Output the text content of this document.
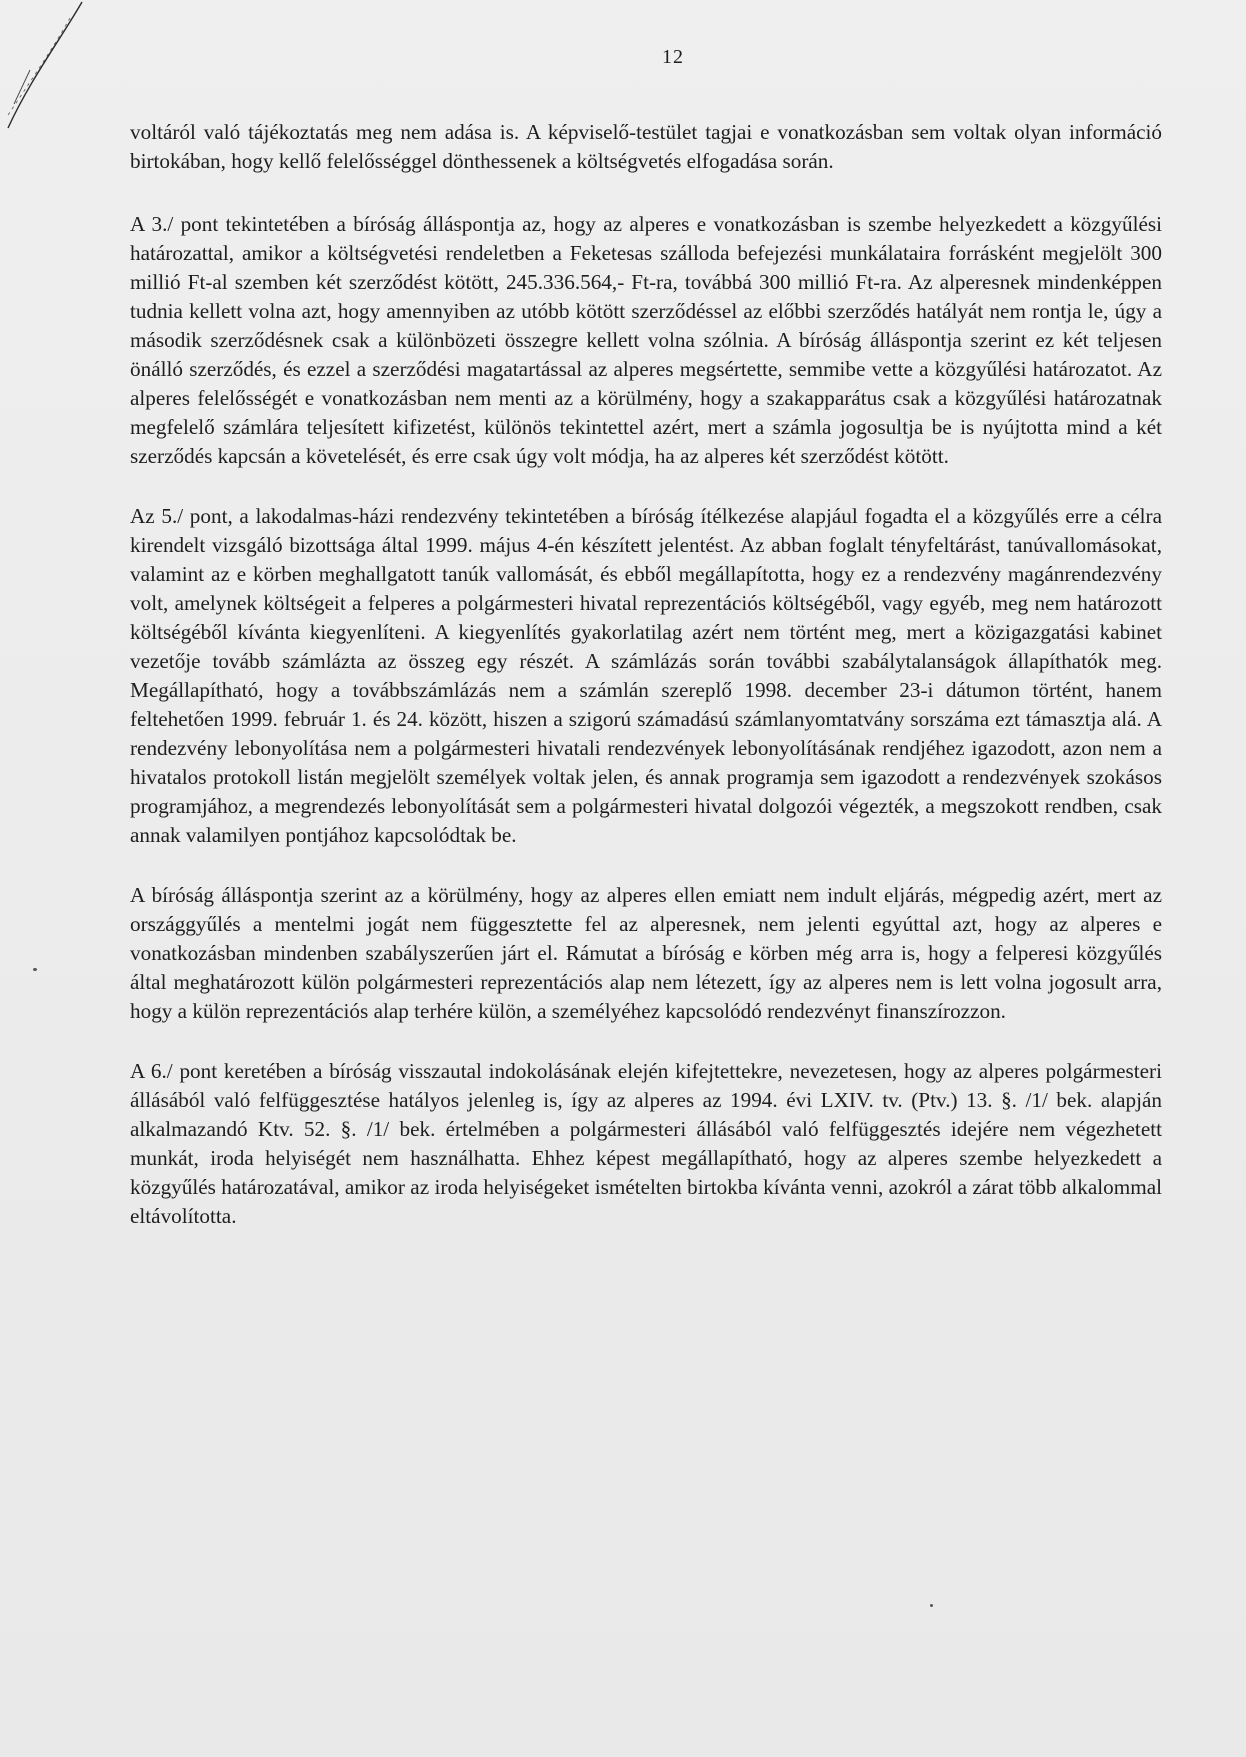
12

voltáról való tájékoztatás meg nem adása is. A képviselő-testület tagjai e vonatkozásban sem voltak olyan információ birtokában, hogy kellő felelősséggel dönthessenek a költségvetés elfogadása során.

A 3./ pont tekintetében a bíróság álláspontja az, hogy az alperes e vonatkozásban is szembe helyezkedett a közgyűlési határozattal, amikor a költségvetési rendeletben a Feketesas szálloda befejezési munkálataira forrásként megjelölt 300 millió Ft-al szemben két szerződést kötött, 245.336.564,- Ft-ra, továbbá 300 millió Ft-ra. Az alperesnek mindenképpen tudnia kellett volna azt, hogy amennyiben az utóbb kötött szerződéssel az előbbi szerződés hatályát nem rontja le, úgy a második szerződésnek csak a különbözeti összegre kellett volna szólnia. A bíróság álláspontja szerint ez két teljesen önálló szerződés, és ezzel a szerződési magatartással az alperes megsértette, semmibe vette a közgyűlési határozatot. Az alperes felelősségét e vonatkozásban nem menti az a körülmény, hogy a szakapparátus csak a közgyűlési határozatnak megfelelő számlára teljesített kifizetést, különös tekintettel azért, mert a számla jogosultja be is nyújtotta mind a két szerződés kapcsán a követelését, és erre csak úgy volt módja, ha az alperes két szerződést kötött.

Az 5./ pont, a lakodalmas-házi rendezvény tekintetében a bíróság ítélkezése alapjául fogadta el a közgyűlés erre a célra kirendelt vizsgáló bizottsága által 1999. május 4-én készített jelentést. Az abban foglalt tényfeltárást, tanúvallomásokat, valamint az e körben meghallgatott tanúk vallomását, és ebből megállapította, hogy ez a rendezvény magánrendezvény volt, amelynek költségeit a felperes a polgármesteri hivatal reprezentációs költségéből, vagy egyéb, meg nem határozott költségéből kívánta kiegyenlíteni. A kiegyenlítés gyakorlatilag azért nem történt meg, mert a közigazgatási kabinet vezetője tovább számlázta az összeg egy részét. A számlázás során további szabálytalanságok állapíthatók meg. Megállapítható, hogy a továbbszámlázás nem a számlán szereplő 1998. december 23-i dátumon történt, hanem feltehetően 1999. február 1. és 24. között, hiszen a szigorú számadású számlanyomtatvány sorszáma ezt támasztja alá. A rendezvény lebonyolítása nem a polgármesteri hivatali rendezvények lebonyolításának rendjéhez igazodott, azon nem a hivatalos protokoll listán megjelölt személyek voltak jelen, és annak programja sem igazodott a rendezvények szokásos programjához, a megrendezés lebonyolítását sem a polgármesteri hivatal dolgozói végezték, a megszokott rendben, csak annak valamilyen pontjához kapcsolódtak be.

A bíróság álláspontja szerint az a körülmény, hogy az alperes ellen emiatt nem indult eljárás, mégpedig azért, mert az országgyűlés a mentelmi jogát nem függesztette fel az alperesnek, nem jelenti egyúttal azt, hogy az alperes e vonatkozásban mindenben szabályszerűen járt el. Rámutat a bíróság e körben még arra is, hogy a felperesi közgyűlés által meghatározott külön polgármesteri reprezentációs alap nem létezett, így az alperes nem is lett volna jogosult arra, hogy a külön reprezentációs alap terhére külön, a személyéhez kapcsolódó rendezvényt finanszírozzon.

A 6./ pont keretében a bíróság visszautal indokolásának elején kifejtettekre, nevezetesen, hogy az alperes polgármesteri állásából való felfüggesztése hatályos jelenleg is, így az alperes az 1994. évi LXIV. tv. (Ptv.) 13. §. /1/ bek. alapján alkalmazandó Ktv. 52. §. /1/ bek. értelmében a polgármesteri állásából való felfüggesztés idejére nem végezhetett munkát, iroda helyiségét nem használhatta. Ehhez képest megállapítható, hogy az alperes szembe helyezkedett a közgyűlés határozatával, amikor az iroda helyiségeket ismételten birtokba kívánta venni, azokról a zárat több alkalommal eltávolította.
